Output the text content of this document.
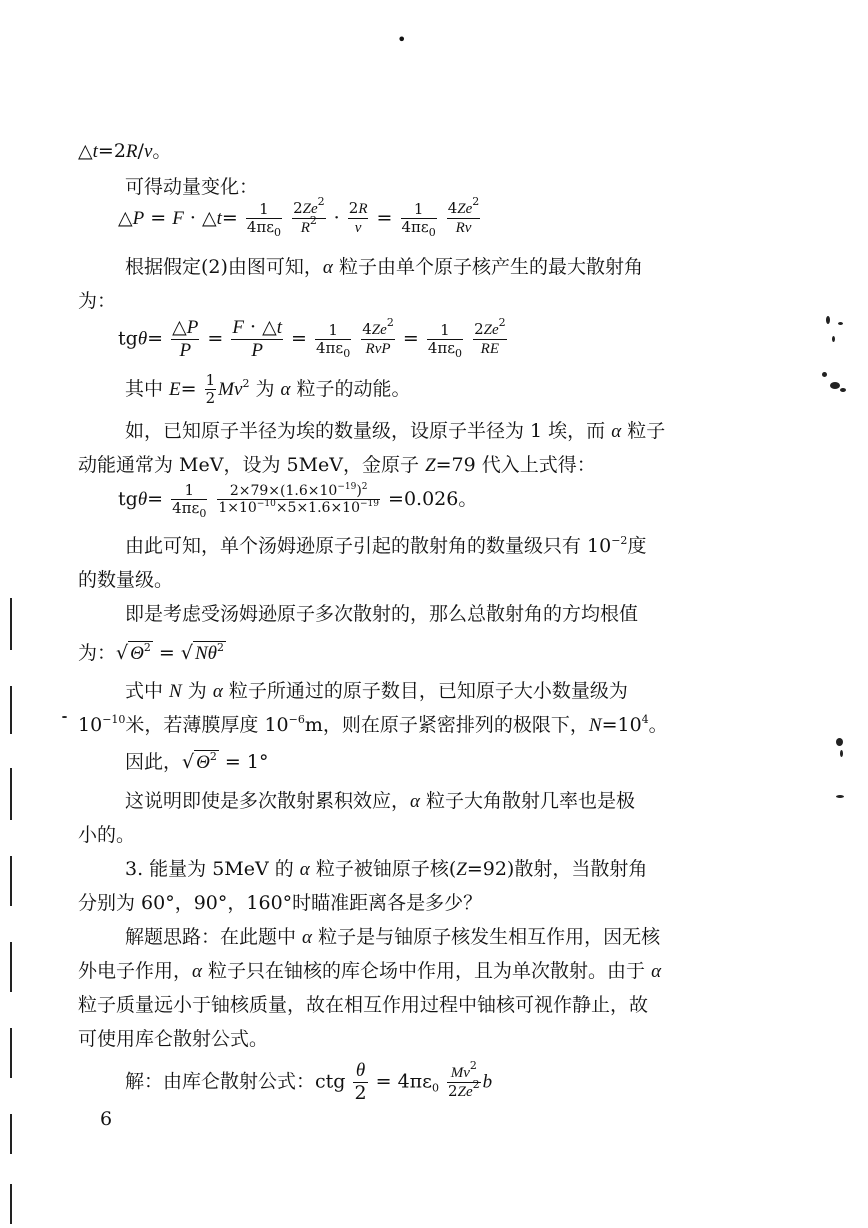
•
△t=2R/v。
可得动量变化：
△P = F · △t= $\frac{1}{4\pi\varepsilon_0}$
$\frac{2Ze^2}{R^2} \cdot \frac{2R}{v} = \frac{1}{4\pi\varepsilon_0}$
$\frac{4Ze^2}{Rv}$
根据假定(2)由图可知，α 粒子由单个原子核产生的最大散射角
为：
$tg\theta= \frac{\triangle P}{P} = \frac{F \cdot \triangle t}{P} = \frac{1}{4\pi\varepsilon_0}$
$\frac{4Ze^2}{\text{RvP}} = \frac{1}{4\pi\varepsilon_0}$
$\frac{2Ze^2}{RE}$
其中 $E= \frac{1}{2} Mv^2$ 为 α 粒子的动能。
如，已知原子半径为埃的数量级，设原子半径为 1 埃，而 α 粒子
动能通常为 MeV，设为 5MeV，金原子 Z=79 代入上式得：
$tg\theta= \frac{1}{4\pi\varepsilon_0}$
$\frac{2\times 79\times(1.6\times 10^{-19})^2}{1\times 10^{-10}\times 5\times 1.6\times 10^{-19}} =0.026$。
由此可知，单个汤姆逊原子引起的散射角的数量级只有 $10^{-2}$度
的数量级。
即是考虑受汤姆逊原子多次散射的，那么总散射角的方均根值
为：√ $\Theta^2$ = √ $N\theta^2$
式中 N 为 α 粒子所通过的原子数目，已知原子大小数量级为
$10^{-10}$米，若薄膜厚度 $10^{-6}m$，则在原子紧密排列的极限下，$N=10^4$。
因此，√ $\Theta^2 = 1^\circ$
这说明即使是多次散射累积效应，α 粒子大角散射几率也是极
小的。
3. 能量为 5MeV 的 α 粒子被铀原子核(Z=92)散射，当散射角
分别为 60°，90°，160°时瞄准距离各是多少？
解题思路：在此题中 α 粒子是与铀原子核发生相互作用，因无核
外电子作用，α 粒子只在铀核的库仑场中作用，且为单次散射。由于 α
粒子质量远小于铀核质量，故在相互作用过程中铀核可视作静止，故
可使用库仑散射公式。
解：由库仑散射公式：ctg $\frac{\theta}{2} = 4\pi\varepsilon_0 \frac{Mv^2}{2Ze^2}$ b
6
